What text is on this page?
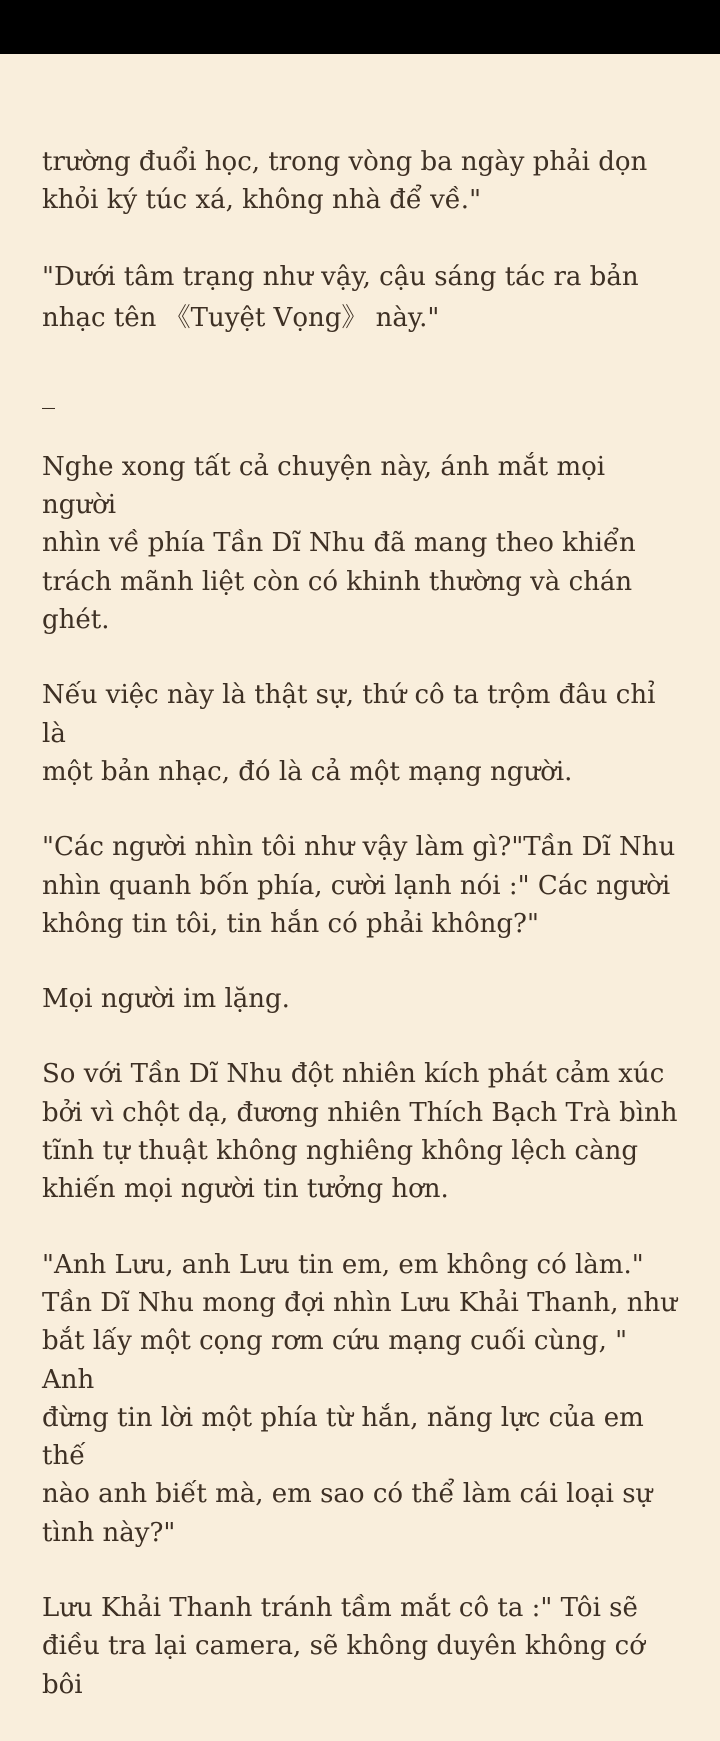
trường đuổi học, trong vòng ba ngày phải dọn
khỏi ký túc xá, không nhà để về."

"Dưới tâm trạng như vậy, cậu sáng tác ra bản
nhạc tên 《Tuyệt Vọng》 này."

_

Nghe xong tất cả chuyện này, ánh mắt mọi người
nhìn về phía Tần Dĩ Nhu đã mang theo khiển
trách mãnh liệt còn có khinh thường và chán
ghét.

Nếu việc này là thật sự, thứ cô ta trộm đâu chỉ là
một bản nhạc, đó là cả một mạng người.

"Các người nhìn tôi như vậy làm gì?"Tần Dĩ Nhu
nhìn quanh bốn phía, cười lạnh nói :" Các người
không tin tôi, tin hắn có phải không?"

Mọi người im lặng.

So với Tần Dĩ Nhu đột nhiên kích phát cảm xúc
bởi vì chột dạ, đương nhiên Thích Bạch Trà bình
tĩnh tự thuật không nghiêng không lệch càng
khiến mọi người tin tưởng hơn.

"Anh Lưu, anh Lưu tin em, em không có làm."
Tần Dĩ Nhu mong đợi nhìn Lưu Khải Thanh, như
bắt lấy một cọng rơm cứu mạng cuối cùng, " Anh
đừng tin lời một phía từ hắn, năng lực của em thế
nào anh biết mà, em sao có thể làm cái loại sự
tình này?"

Lưu Khải Thanh tránh tầm mắt cô ta :" Tôi sẽ
điều tra lại camera, sẽ không duyên không cớ bôi
